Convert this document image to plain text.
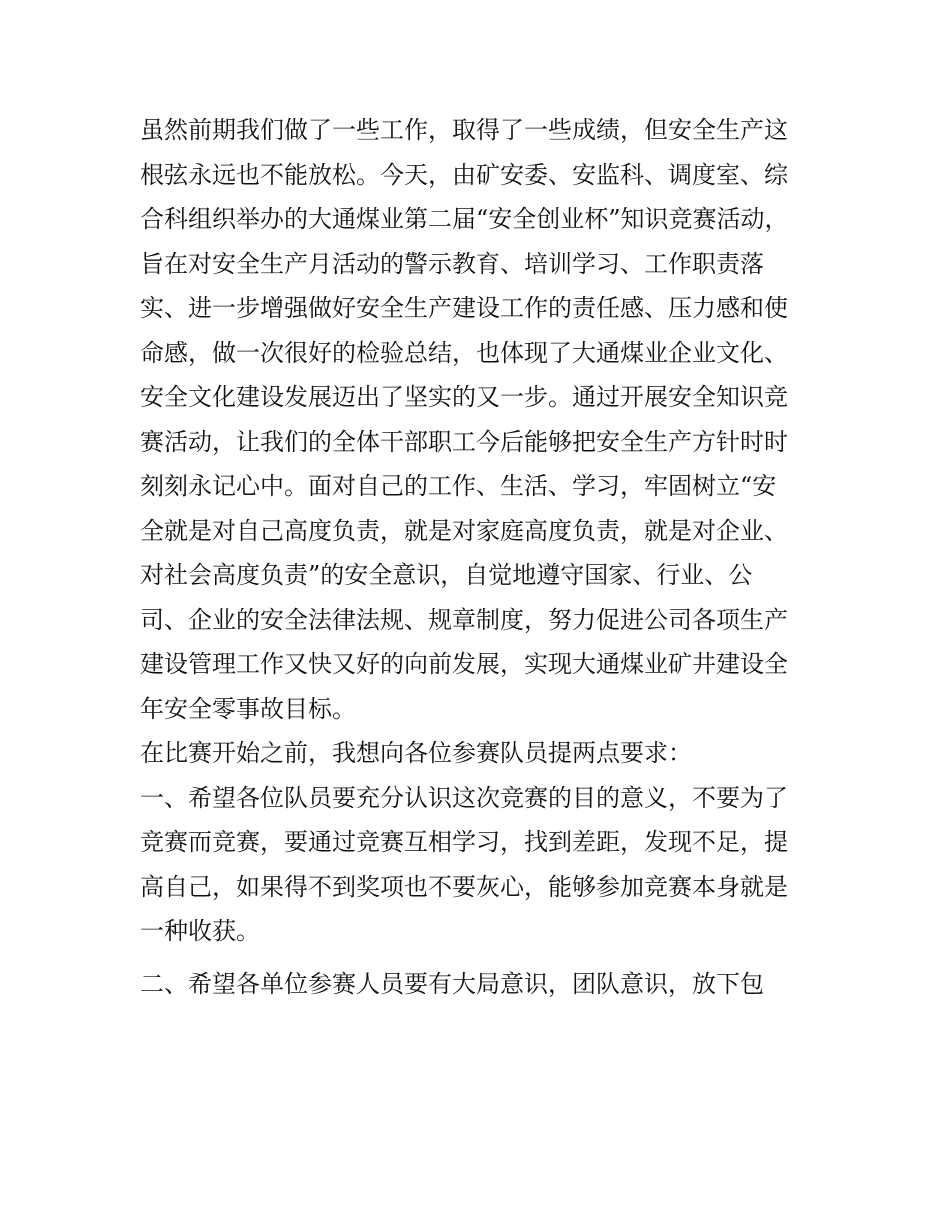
虽然前期我们做了一些工作，取得了一些成绩，但安全生产这
根弦永远也不能放松。今天，由矿安委、安监科、调度室、综
合科组织举办的大通煤业第二届“安全创业杯”知识竞赛活动，
旨在对安全生产月活动的警示教育、培训学习、工作职责落
实、进一步增强做好安全生产建设工作的责任感、压力感和使
命感，做一次很好的检验总结，也体现了大通煤业企业文化、
安全文化建设发展迈出了坚实的又一步。通过开展安全知识竞
赛活动，让我们的全体干部职工今后能够把安全生产方针时时
刻刻永记心中。面对自己的工作、生活、学习，牢固树立“安
全就是对自己高度负责，就是对家庭高度负责，就是对企业、
对社会高度负责”的安全意识，自觉地遵守国家、行业、公
司、企业的安全法律法规、规章制度，努力促进公司各项生产
建设管理工作又快又好的向前发展，实现大通煤业矿井建设全
年安全零事故目标。
在比赛开始之前，我想向各位参赛队员提两点要求：
一、希望各位队员要充分认识这次竞赛的目的意义，不要为了
竞赛而竞赛，要通过竞赛互相学习，找到差距，发现不足，提
高自己，如果得不到奖项也不要灰心，能够参加竞赛本身就是
一种收获。
二、希望各单位参赛人员要有大局意识，团队意识，放下包
